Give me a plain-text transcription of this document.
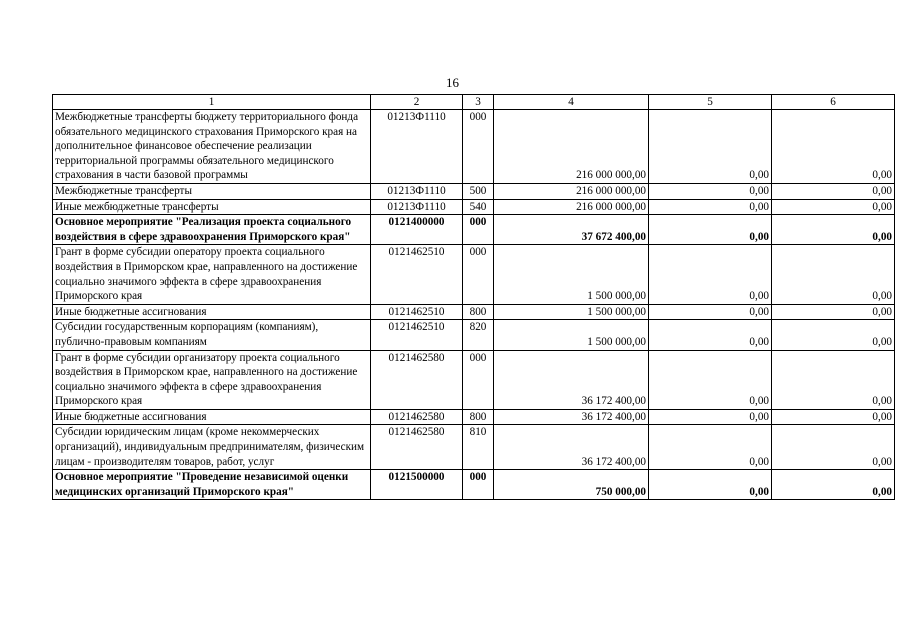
16
1	2	3	4	5	6
Межбюджетные трансферты бюджету территориального фонда обязательного медицинского страхования Приморского края на дополнительное финансовое обеспечение реализации территориальной программы обязательного медицинского страхования в части базовой программы	01213Ф1110	000	216 000 000,00	0,00	0,00
Межбюджетные трансферты	01213Ф1110	500	216 000 000,00	0,00	0,00
Иные межбюджетные трансферты	01213Ф1110	540	216 000 000,00	0,00	0,00
Основное мероприятие "Реализация проекта социального воздействия в сфере здравоохранения Приморского края"	0121400000	000	37 672 400,00	0,00	0,00
Грант в форме субсидии оператору проекта социального воздействия в Приморском крае, направленного на достижение социально значимого эффекта в сфере здравоохранения Приморского края	0121462510	000	1 500 000,00	0,00	0,00
Иные бюджетные ассигнования	0121462510	800	1 500 000,00	0,00	0,00
Субсидии государственным корпорациям (компаниям), публично-правовым компаниям	0121462510	820	1 500 000,00	0,00	0,00
Грант в форме субсидии организатору проекта социального воздействия в Приморском крае, направленного на достижение социально значимого эффекта в сфере здравоохранения Приморского края	0121462580	000	36 172 400,00	0,00	0,00
Иные бюджетные ассигнования	0121462580	800	36 172 400,00	0,00	0,00
Субсидии юридическим лицам (кроме некоммерческих организаций), индивидуальным предпринимателям, физическим лицам - производителям товаров, работ, услуг	0121462580	810	36 172 400,00	0,00	0,00
Основное мероприятие "Проведение независимой оценки медицинских организаций Приморского края"	0121500000	000	750 000,00	0,00	0,00
